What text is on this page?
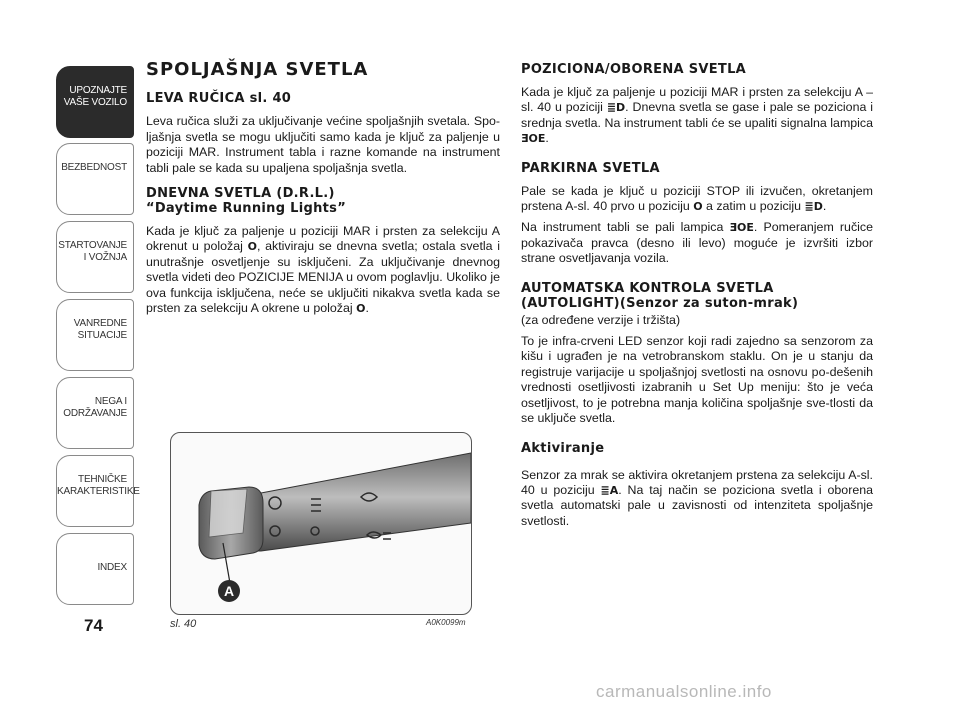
UPOZNAJTE
VAŠE VOZILO
BEZBEDNOST
STARTOVANJE
I VOŽNJA
VANREDNE
SITUACIJE
NEGA I
ODRŽAVANJE
TEHNIČKE
KARAKTERISTIKE
INDEX
74
SPOLJAŠNJA SVETLA
LEVA RUČICA sl. 40

Leva ručica služi za uključivanje većine spoljašnjih svetala. Spo-ljašnja svetla se mogu uključiti samo kada je ključ za paljenje u poziciji MAR. Instrument tabla i razne komande na instrument tabli pale se kada su upaljena spoljašnja svetla.

DNEVNA SVETLA (D.R.L.)
“Daytime Running Lights”

Kada je ključ za paljenje u poziciji MAR i prsten za selekciju A okrenut u položaj O, aktiviraju se dnevna svetla; ostala svetla i unutrašnje osvetljenje su isključeni. Za uključivanje dnevnog svetla videti deo POZICIJE MENIJA u ovom poglavlju. Ukoliko je ova funkcija isključena, neće se uključiti nikakva svetla kada se prsten za selekciju A okrene u položaj O.

A
sl. 40	A0K0099m
POZICIONA/OBORENA SVETLA

Kada je ključ za paljenje u poziciji MAR i prsten za selekciju A – sl. 40 u poziciji ≣D. Dnevna svetla se gase i pale se poziciona i srednja svetla. Na instrument tabli će se upaliti signalna lampica ƎOE.

PARKIRNA SVETLA

Pale se kada je ključ u poziciji STOP ili izvučen, okretanjem prstena A-sl. 40 prvo u poziciju O a zatim u poziciju ≣D.

Na instrument tabli se pali lampica ƎOE. Pomeranjem ručice pokazivača pravca (desno ili levo) moguće je izvršiti izbor strane osvetljavanja vozila.

AUTOMATSKA KONTROLA SVETLA
(AUTOLIGHT)(Senzor za suton-mrak)

(za određene verzije i tržišta)

To je infra-crveni LED senzor koji radi zajedno sa senzorom za kišu i ugrađen je na vetrobranskom staklu. On je u stanju da registruje varijacije u spoljašnjoj svetlosti na osnovu po-dešenih vrednosti osetljivosti izabranih u Set Up meniju: što je veća osetljivost, to je potrebna manja količina spoljašnje sve-tlosti da se uključe svetla.

Aktiviranje

Senzor za mrak se aktivira okretanjem prstena za selekciju A-sl. 40 u poziciju ≣A. Na taj način se poziciona svetla i oborena svetla automatski pale u zavisnosti od intenziteta spoljašnje svetlosti.

carmanualsonline.info
